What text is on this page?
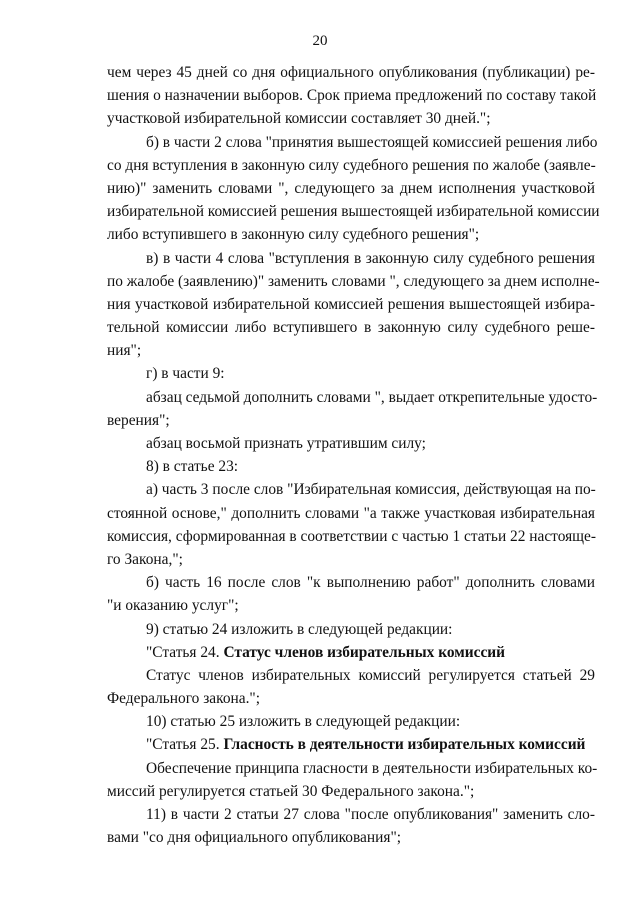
20
чем через 45 дней со дня официального опубликования (публикации) ре-
шения о назначении выборов. Срок приема предложений по составу такой
участковой избирательной комиссии составляет 30 дней.";
б) в части 2 слова "принятия вышестоящей комиссией решения либо
со дня вступления в законную силу судебного решения по жалобе (заявле-
нию)" заменить словами ", следующего за днем исполнения участковой
избирательной комиссией решения вышестоящей избирательной комиссии
либо вступившего в законную силу судебного решения";
в) в части 4 слова "вступления в законную силу судебного решения
по жалобе (заявлению)" заменить словами ", следующего за днем исполне-
ния участковой избирательной комиссией решения вышестоящей избира-
тельной комиссии либо вступившего в законную силу судебного реше-
ния";
г) в части 9:
абзац седьмой дополнить словами ", выдает открепительные удосто-
верения";
абзац восьмой признать утратившим силу;
8) в статье 23:
а) часть 3 после слов "Избирательная комиссия, действующая на по-
стоянной основе," дополнить словами "а также участковая избирательная
комиссия, сформированная в соответствии с частью 1 статьи 22 настояще-
го Закона,";
б) часть 16 после слов "к выполнению работ" дополнить словами
"и оказанию услуг";
9) статью 24 изложить в следующей редакции:
"Статья 24. Статус членов избирательных комиссий
Статус членов избирательных комиссий регулируется статьей 29
Федерального закона.";
10) статью 25 изложить в следующей редакции:
"Статья 25. Гласность в деятельности избирательных комиссий
Обеспечение принципа гласности в деятельности избирательных ко-
миссий регулируется статьей 30 Федерального закона.";
11) в части 2 статьи 27 слова "после опубликования" заменить сло-
вами "со дня официального опубликования";
